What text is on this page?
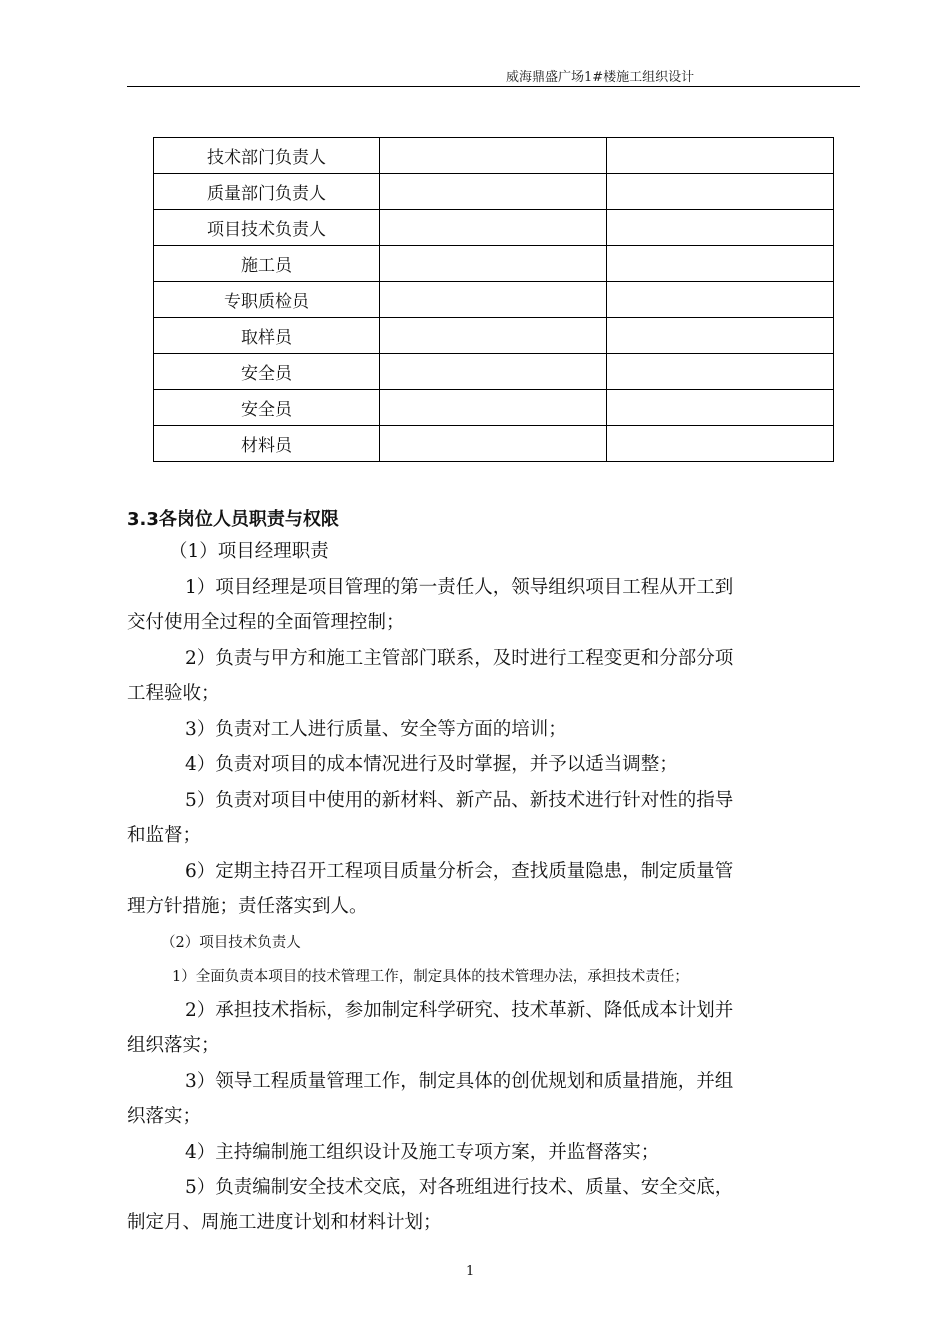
威海鼎盛广场1#楼施工组织设计
技术部门负责人		
质量部门负责人		
项目技术负责人		
施工员		
专职质检员		
取样员		
安全员		
安全员		
材料员		
3.3各岗位人员职责与权限
（1）项目经理职责
1）项目经理是项目管理的第一责任人，领导组织项目工程从开工到
交付使用全过程的全面管理控制；
2）负责与甲方和施工主管部门联系，及时进行工程变更和分部分项
工程验收；
3）负责对工人进行质量、安全等方面的培训；
4）负责对项目的成本情况进行及时掌握，并予以适当调整；
5）负责对项目中使用的新材料、新产品、新技术进行针对性的指导
和监督；
6）定期主持召开工程项目质量分析会，查找质量隐患，制定质量管
理方针措施；责任落实到人。
（2）项目技术负责人
1）全面负责本项目的技术管理工作，制定具体的技术管理办法，承担技术责任；
2）承担技术指标，参加制定科学研究、技术革新、降低成本计划并
组织落实；
3）领导工程质量管理工作，制定具体的创优规划和质量措施，并组
织落实；
4）主持编制施工组织设计及施工专项方案，并监督落实；
5）负责编制安全技术交底，对各班组进行技术、质量、安全交底，
制定月、周施工进度计划和材料计划；
1
